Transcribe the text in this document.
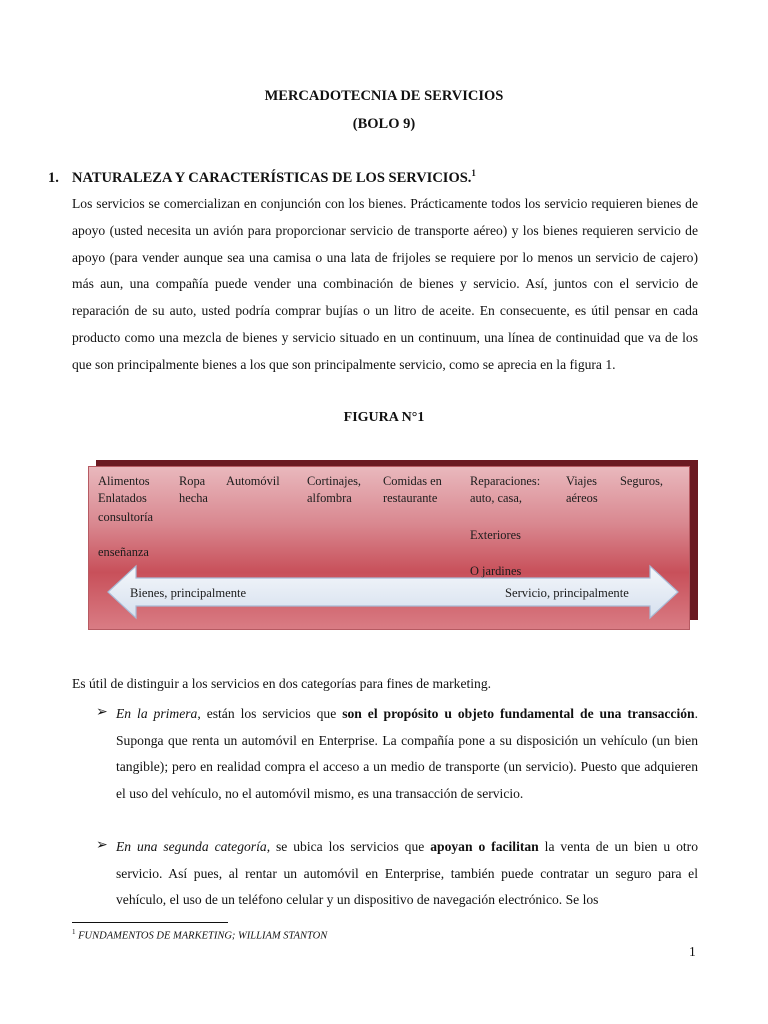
MERCADOTECNIA DE SERVICIOS
(BOLO 9)
1. NATURALEZA Y CARACTERÍSTICAS DE LOS SERVICIOS.$^1$

Los servicios se comercializan en conjunción con los bienes. Prácticamente todos los servicio requieren bienes de apoyo (usted necesita un avión para proporcionar servicio de transporte aéreo) y los bienes requieren servicio de apoyo (para vender aunque sea una camisa o una lata de frijoles se requiere por lo menos un servicio de cajero) más aun, una compañía puede vender una combinación de bienes y servicio. Así, juntos con el servicio de reparación de su auto, usted podría comprar bujías o un litro de aceite. En consecuente, es útil pensar en cada producto como una mezcla de bienes y servicio situado en un continuum, una línea de continuidad que va de los que son principalmente bienes a los que son principalmente servicio, como se aprecia en la figura 1.

FIGURA N°1
Alimentos
Enlatados
Ropa
hecha
Automóvil Cortinajes,
alfombra
Comidas en
restaurante
Reparaciones:
auto, casa,
Viajes
aéreos
Seguros,
consultoría
Exteriores
enseñanza
O jardines
Bienes, principalmente	Servicio, principalmente
Es útil de distinguir a los servicios en dos categorías para fines de marketing.
➢ En la primera, están los servicios que son el propósito u objeto fundamental de una transacción. Suponga que renta un automóvil en Enterprise. La compañía pone a su disposición un vehículo (un bien tangible); pero en realidad compra el acceso a un medio de transporte (un servicio). Puesto que adquieren el uso del vehículo, no el automóvil mismo, es una transacción de servicio.

➢ En una segunda categoría, se ubica los servicios que apoyan o facilitan la venta de un bien u otro servicio. Así pues, al rentar un automóvil en Enterprise, también puede contratar un seguro para el vehículo, el uso de un teléfono celular y un dispositivo de navegación electrónico. Se los

$^1$ FUNDAMENTOS DE MARKETING; WILLIAM STANTON
1
